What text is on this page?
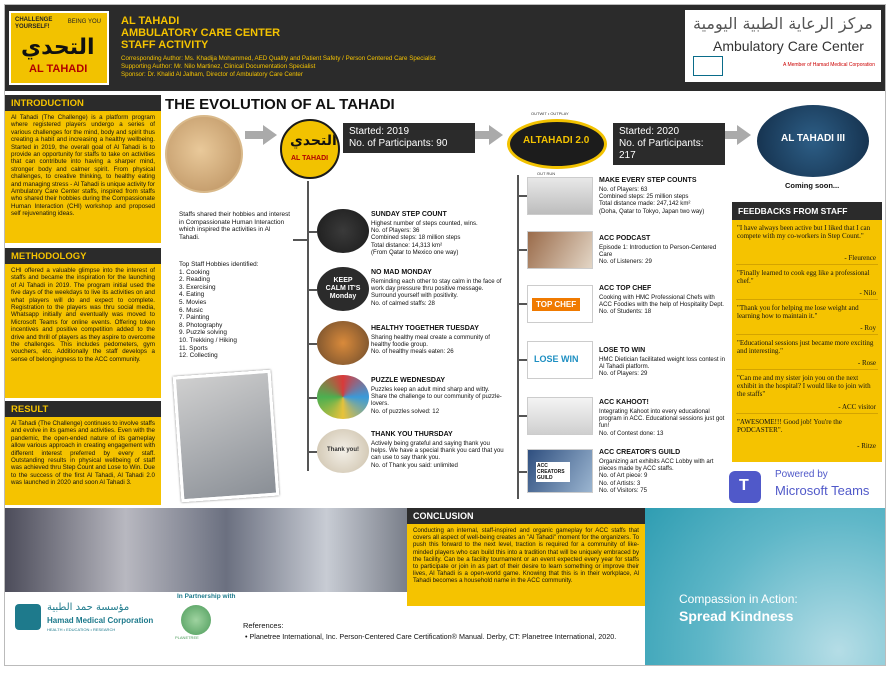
CHALLENGE YOURSELF!
BEING YOU
التحدي
AL TAHADI
AL TAHADI
AMBULATORY CARE CENTER
STAFF ACTIVITY
Corresponding Author: Ms. Khadija Mohammed, AED Quality and Patient Safety / Person Centered Care Specialist
Supporting Author: Mr. Nilo Martinez, Clinical Documentation Specialist
Sponsor: Dr. Khalid Al Jalham, Director of Ambulatory Care Center
مركز الرعاية الطبية اليومية
Ambulatory Care Center
A Member of Hamad Medical Corporation
INTRODUCTION
Al Tahadi (The Challenge) is a platform program where registered players undergo a series of various challenges for the mind, body and spirit thus creating a habit and increasing a healthy wellbeing. Started in 2019, the overall goal of Al Tahadi is to provide an opportunity for staffs to take on activities that can contribute into having a sharper mind, stronger body and calmer spirit. From physical challenges, to creative thinking, to healthy eating and managing stress - Al Tahadi is unique activity for Ambulatory Care Center staffs, inspired from staffs who shared their hobbies during the Compassionate Human Interaction (CHI) workshop and proposed self rejuvenating ideas.
METHODOLOGY
CHI offered a valuable glimpse into the interest of staffs and became the inspiration for the launching of Al Tahadi in 2019. The program initial used the five days of the weekdays to live its activities on and what players will do and expect to complete. Registration to the players was thru social media, Whatsapp initially and eventually was moved to Microsoft Teams for online events. Offering token incentives and positive competition added to the drive and thrill of players as they aspire to overcome the challenges. This includes pedometers, gym vouchers, etc. Additionally the staff develops a sense of belongingness to the ACC community.
RESULT
Al Tahadi (The Challenge) continues to involve staffs and evolve in its games and activities. Even with the pandemic, the open-ended nature of its gameplay allow various approach in creating engagement with different interest preferred by every staff. Outstanding results in physical wellbeing of staff was achieved thru Step Count and Lose to Win. Due to the success of the first Al Tahadi, Al Tahadi 2.0 was launched in 2020 and soon Al Tahadi 3.
THE EVOLUTION OF AL TAHADI
التحدي
AL TAHADI
Started: 2019
No. of Participants: 90
OUTWIT • OUTPLAY
ALTAHADI 2.0
OUT RUN
Started: 2020
No. of Participants: 217
AL TAHADI III
Coming soon...
Staffs shared their hobbies and interest in Compassionate Human Interaction which inspired the activities in Al Tahadi.
Top Staff Hobbies identified:
1. Cooking
2. Reading
3. Exercising
4. Eating
5. Movies
6. Music
7. Painting
8. Photography
9. Puzzle solving
10. Trekking / Hiking
11. Sports
12. Collecting
SUNDAY STEP COUNT
Highest number of steps counted, wins.
No. of Players: 36
Combined steps: 18 million steps
Total distance: 14,313 km²
(From Qatar to Mexico one way)
KEEP CALM IT'S Monday
NO MAD MONDAY
Reminding each other to stay calm in the face of work day pressure thru positive message. Surround yourself with positivity.
No. of calmed staffs: 28
HEALTHY TOGETHER TUESDAY
Sharing healthy meal create a community of healthy foodie group.
No. of healthy meals eaten: 26
PUZZLE WEDNESDAY
Puzzles keep an adult mind sharp and witty. Share the challenge to our community of puzzle-lovers.
No. of puzzles solved: 12
Thank you!
THANK YOU THURSDAY
Actively being grateful and saying thank you helps. We have a special thank you card that you can use to say thank you.
No. of Thank you said: unlimited
MAKE EVERY STEP COUNTS
No. of Players: 63
Combined steps: 25 million steps
Total distance made: 247,142 km²
(Doha, Qatar to Tokyo, Japan two way)
ACC PODCAST
Episode 1: Introduction to Person-Centered Care
No. of Listeners: 29
TOP CHEF
ACC TOP CHEF
Cooking with HMC Professional Chefs with ACC Foodies with the help of Hospitality Dept.
No. of Students: 18
LOSE WIN
LOSE TO WIN
HMC Dietician facilitated weight loss contest in Al Tahadi platform.
No. of Players: 29
ACC KAHOOT!
Integrating Kahoot into every educational program in ACC. Educational sessions just got fun!
No. of Contest done: 13
ACC CREATORS GUILD
ACC CREATOR'S GUILD
Organizing art exhibits ACC Lobby with art pieces made by ACC staffs.
No. of Art piece: 9
No. of Artists: 3
No. of Visitors: 75
FEEDBACKS FROM STAFF
"I have always been active but I liked that I can compete with my co-workers in Step Count."
- Fleurence
"Finally learned to cook egg like a professional chef."
- Nilo
"Thank you for helping me lose weight and learning how to maintain it."
- Roy
"Educational sessions just became more exciting and interesting."
- Rose
"Can me and my sister join you on the next exhibit in the hospital? I would like to join with the staffs"
- ACC visitor
"AWESOME!!! Good job! You're the PODCASTER".
- Ritze
T
Powered by
Microsoft Teams
CONCLUSION
Conducting an internal, staff-inspired and organic gameplay for ACC staffs that covers all aspect of well-being creates an "Al Tahadi" moment for the organizers. To push this forward to the next level, traction is required for a community of like-minded players who can build this into a tradition that will be uniquely embraced by the facility. Can be a facility tournament or an event expected every year for staffs to participate or join in as part of their desire to learn something or improve their lives, Al Tahadi is a open-world game. Knowing that this is in their workplace, Al Tahadi becomes a household name in the ACC community.
Compassion in Action:
Spread Kindness
مؤسسة حمد الطبية
Hamad Medical Corporation
HEALTH • EDUCATION • RESEARCH
In Partnership with
PLANETREE
References:
• Planetree International, Inc. Person-Centered Care Certification® Manual. Derby, CT: Planetree International, 2020.
